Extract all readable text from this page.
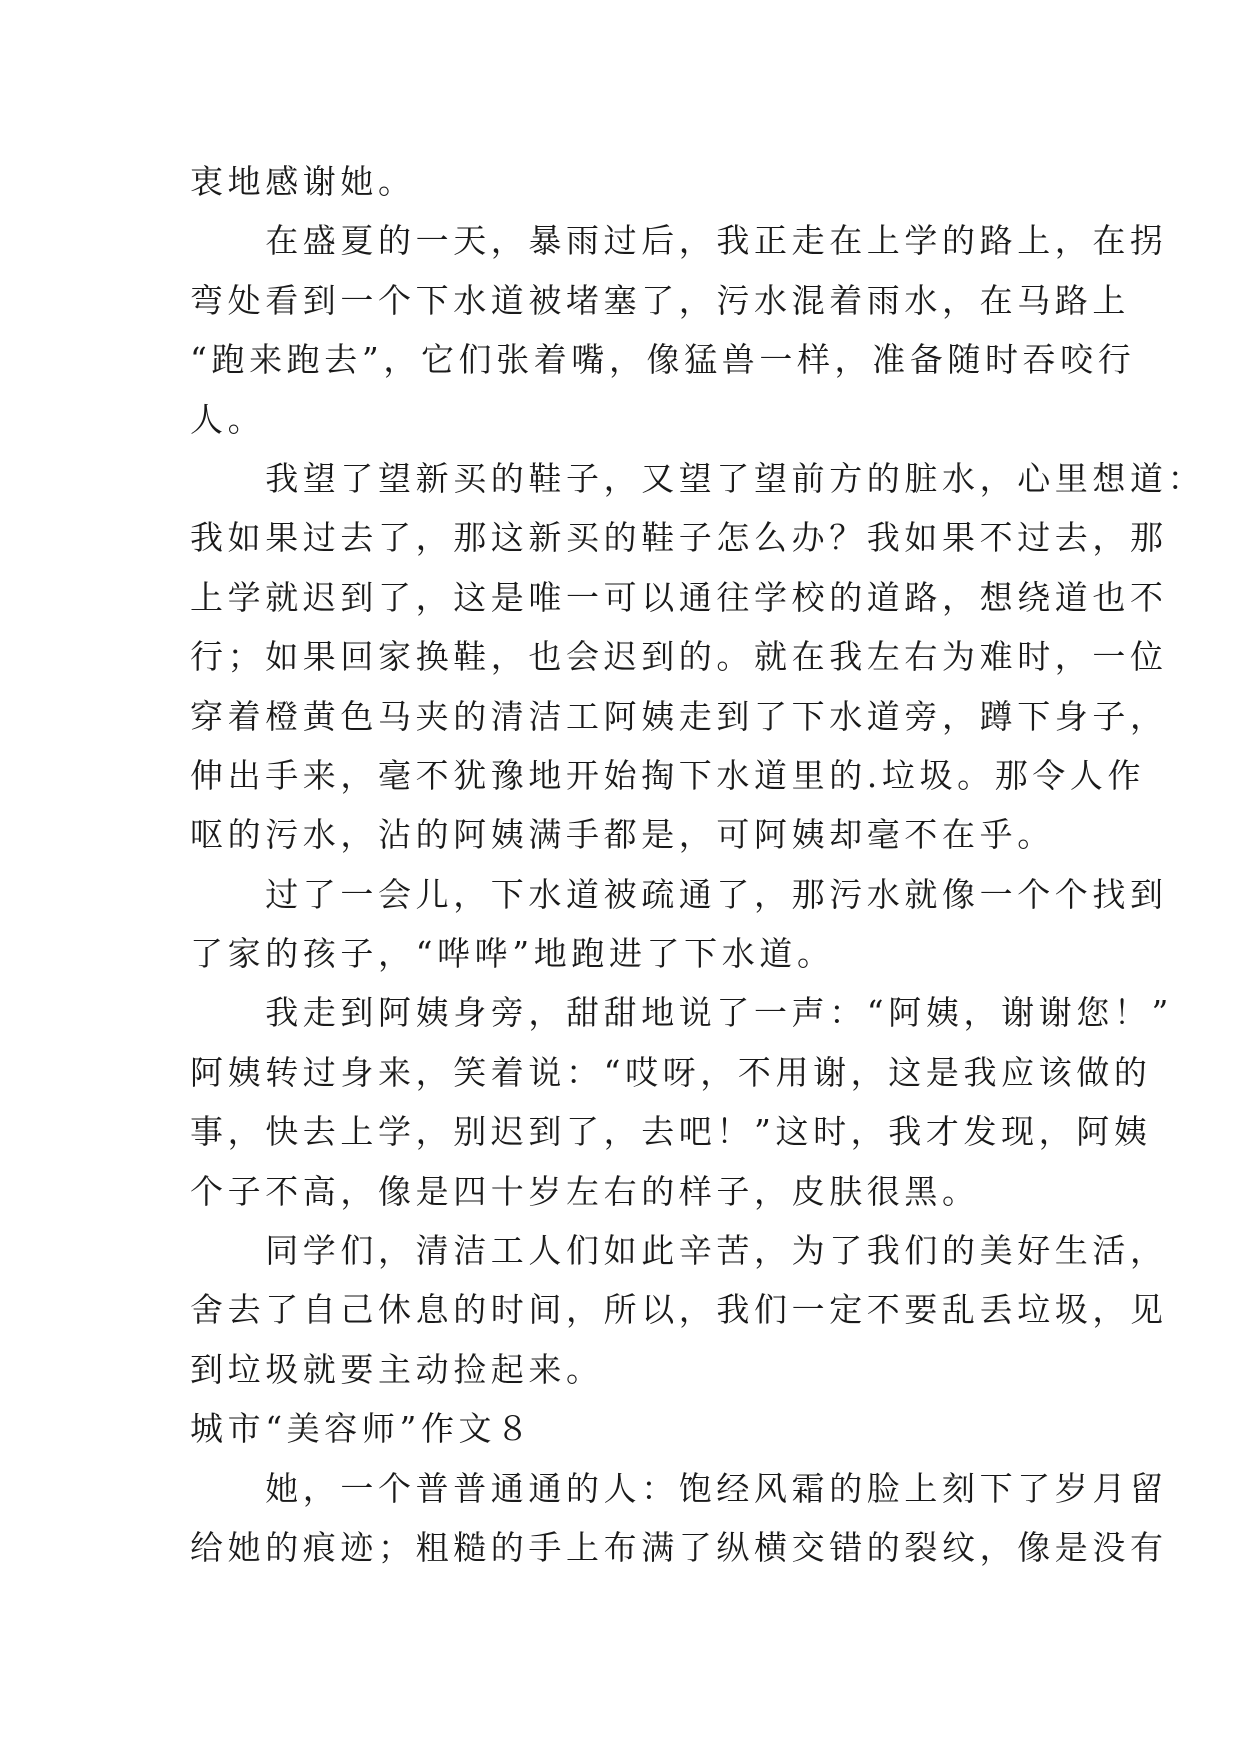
衷地感谢她。
　　在盛夏的一天，暴雨过后，我正走在上学的路上，在拐
弯处看到一个下水道被堵塞了，污水混着雨水，在马路上
“跑来跑去”，它们张着嘴，像猛兽一样，准备随时吞咬行
人。
　　我望了望新买的鞋子，又望了望前方的脏水，心里想道：
我如果过去了，那这新买的鞋子怎么办？我如果不过去，那
上学就迟到了，这是唯一可以通往学校的道路，想绕道也不
行；如果回家换鞋，也会迟到的。就在我左右为难时，一位
穿着橙黄色马夹的清洁工阿姨走到了下水道旁，蹲下身子，
伸出手来，毫不犹豫地开始掏下水道里的.垃圾。那令人作
呕的污水，沾的阿姨满手都是，可阿姨却毫不在乎。
　　过了一会儿，下水道被疏通了，那污水就像一个个找到
了家的孩子，“哗哗”地跑进了下水道。
　　我走到阿姨身旁，甜甜地说了一声：“阿姨，谢谢您！”
阿姨转过身来，笑着说：“哎呀，不用谢，这是我应该做的
事，快去上学，别迟到了，去吧！”这时，我才发现，阿姨
个子不高，像是四十岁左右的样子，皮肤很黑。
　　同学们，清洁工人们如此辛苦，为了我们的美好生活，
舍去了自己休息的时间，所以，我们一定不要乱丢垃圾，见
到垃圾就要主动捡起来。
城市“美容师”作文８
　　她，一个普普通通的人：饱经风霜的脸上刻下了岁月留
给她的痕迹；粗糙的手上布满了纵横交错的裂纹，像是没有
